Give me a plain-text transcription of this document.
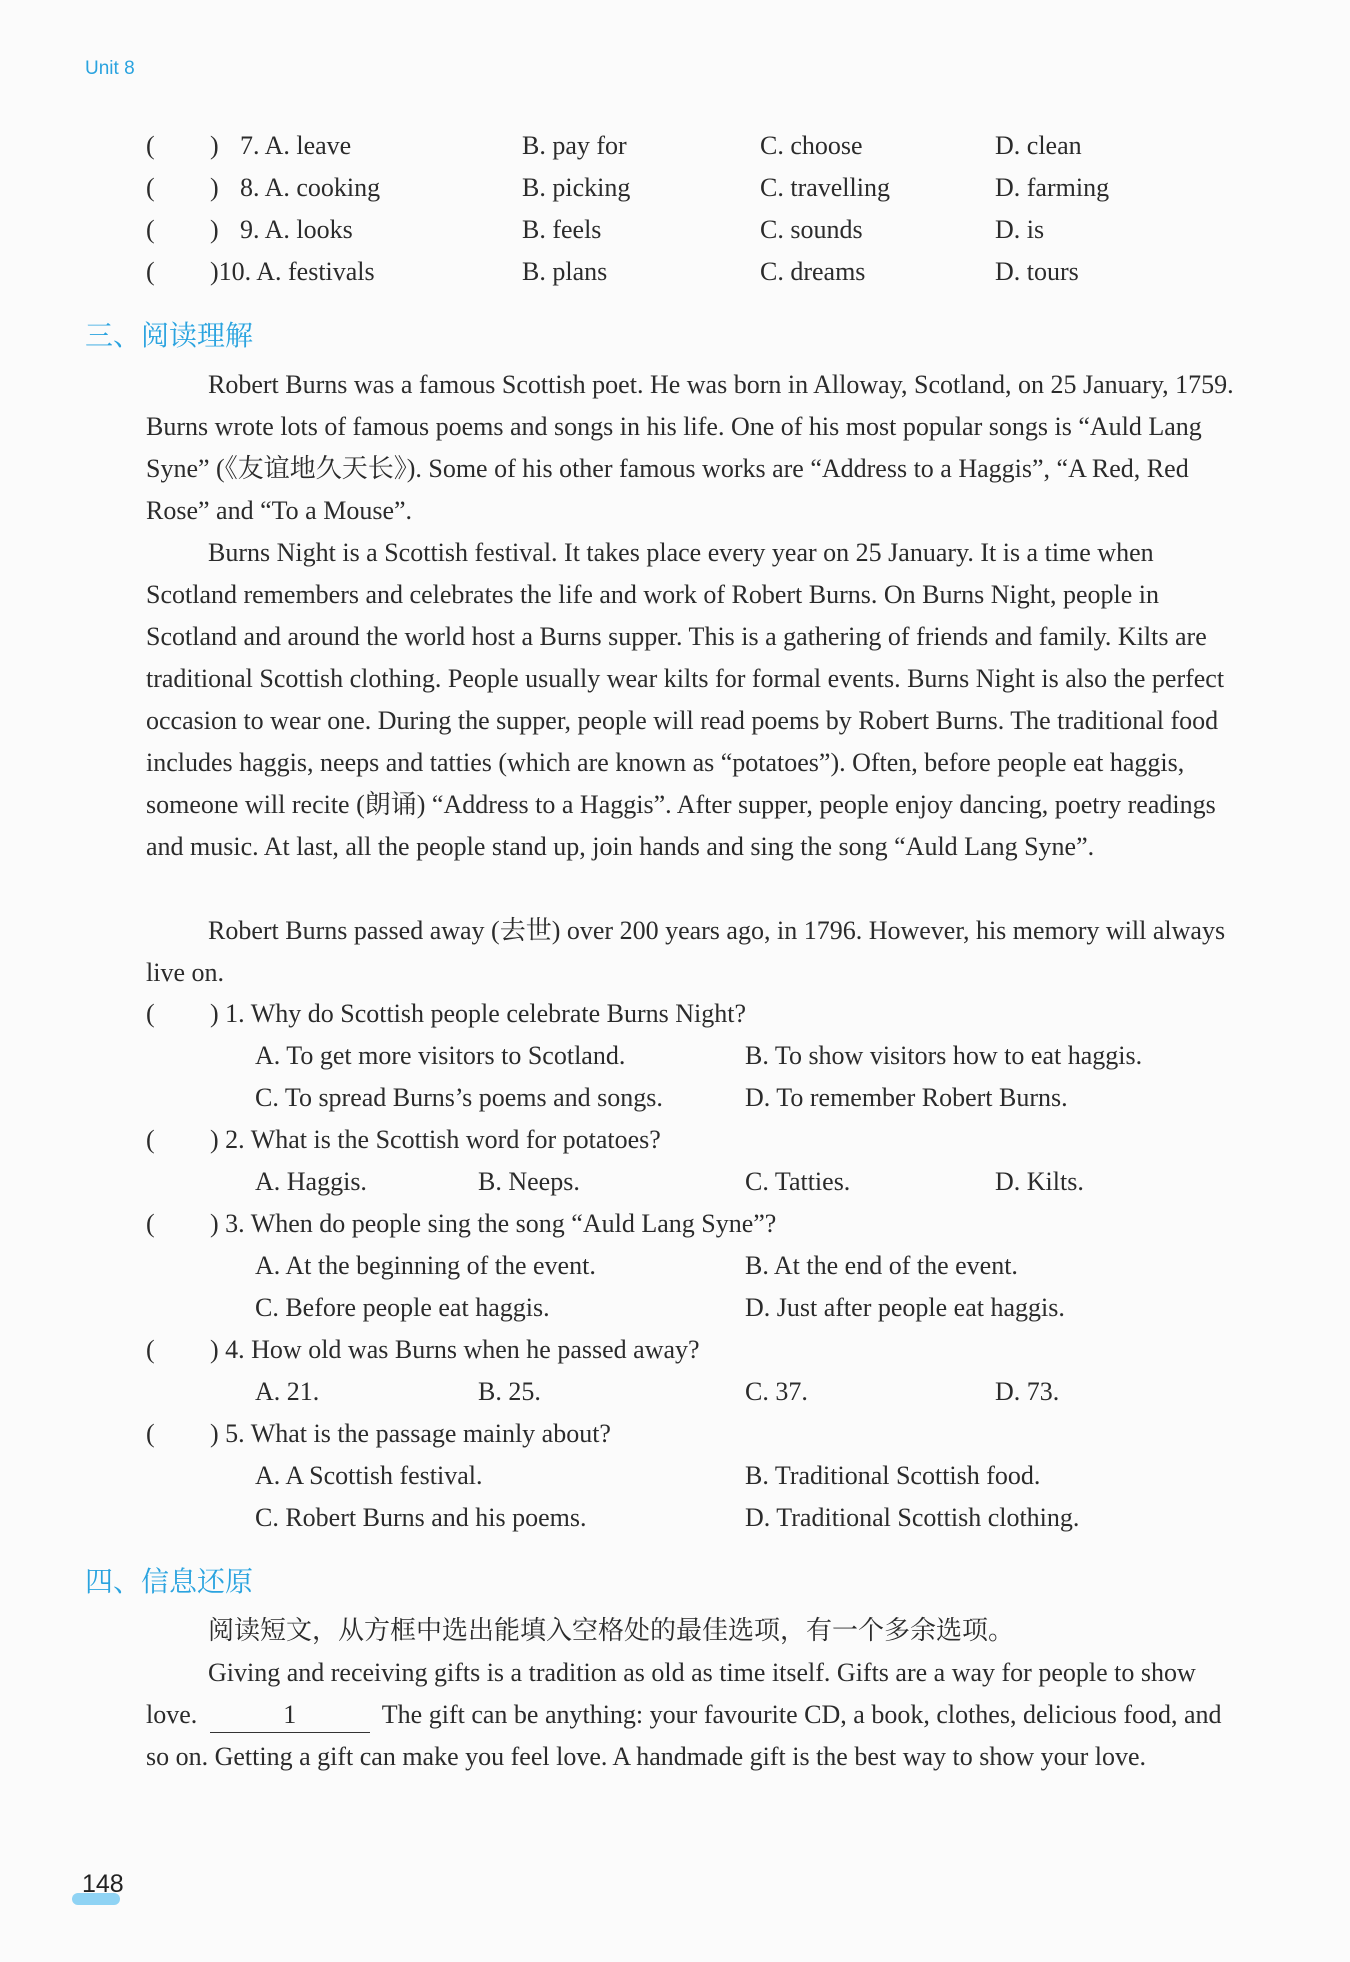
Unit 8
( ) 7. A. leave	B. pay for	C. choose	D. clean
( ) 8. A. cooking	B. picking	C. travelling	D. farming
( ) 9. A. looks	B. feels	C. sounds	D. is
( )10. A. festivals	B. plans	C. dreams	D. tours
三、阅读理解
Robert Burns was a famous Scottish poet. He was born in Alloway, Scotland, on 25 January, 1759. Burns wrote lots of famous poems and songs in his life. One of his most popular songs is “Auld Lang Syne” (《友谊地久天长》). Some of his other famous works are “Address to a Haggis”, “A Red, Red Rose” and “To a Mouse”.
Burns Night is a Scottish festival. It takes place every year on 25 January. It is a time when Scotland remembers and celebrates the life and work of Robert Burns. On Burns Night, people in Scotland and around the world host a Burns supper. This is a gathering of friends and family. Kilts are traditional Scottish clothing. People usually wear kilts for formal events. Burns Night is also the perfect occasion to wear one. During the supper, people will read poems by Robert Burns. The traditional food includes haggis, neeps and tatties (which are known as “potatoes”). Often, before people eat haggis, someone will recite (朗诵) “Address to a Haggis”. After supper, people enjoy dancing, poetry readings and music. At last, all the people stand up, join hands and sing the song “Auld Lang Syne”.
Robert Burns passed away (去世) over 200 years ago, in 1796. However, his memory will always live on.
( ) 1. Why do Scottish people celebrate Burns Night?
A. To get more visitors to Scotland.	B. To show visitors how to eat haggis.
C. To spread Burns’s poems and songs.	D. To remember Robert Burns.
( ) 2. What is the Scottish word for potatoes?
A. Haggis.	B. Neeps.	C. Tatties.	D. Kilts.
( ) 3. When do people sing the song “Auld Lang Syne”?
A. At the beginning of the event.	B. At the end of the event.
C. Before people eat haggis.	D. Just after people eat haggis.
( ) 4. How old was Burns when he passed away?
A. 21.	B. 25.	C. 37.	D. 73.
( ) 5. What is the passage mainly about?
A. A Scottish festival.	B. Traditional Scottish food.
C. Robert Burns and his poems.	D. Traditional Scottish clothing.
四、信息还原
阅读短文，从方框中选出能填入空格处的最佳选项，有一个多余选项。
Giving and receiving gifts is a tradition as old as time itself. Gifts are a way for people to show love.	1	The gift can be anything: your favourite CD, a book, clothes, delicious food, and so on. Getting a gift can make you feel love. A handmade gift is the best way to show your love.
148
